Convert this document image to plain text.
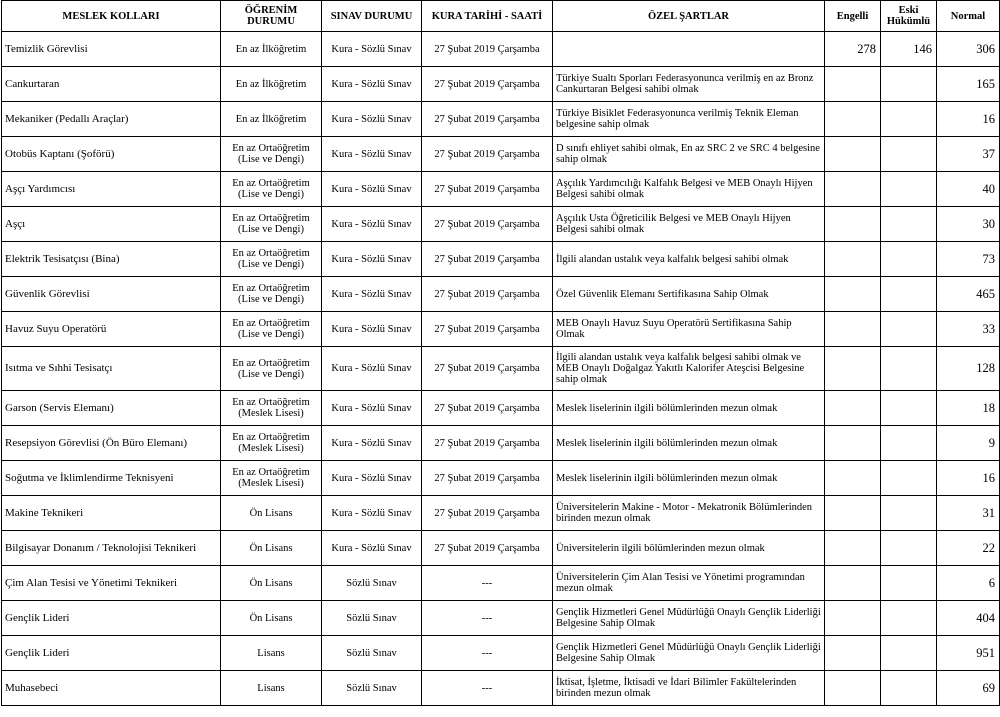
MESLEK KOLLARI	ÖĞRENİM DURUMU	SINAV DURUMU	KURA TARİHİ - SAATİ	ÖZEL ŞARTLAR	Engelli	Eski Hükümlü	Normal
Temizlik Görevlisi	En az İlköğretim	Kura - Sözlü Sınav	27 Şubat 2019 Çarşamba		278	146	306
Cankurtaran	En az İlköğretim	Kura - Sözlü Sınav	27 Şubat 2019 Çarşamba	Türkiye Sualtı Sporları Federasyonunca verilmiş en az Bronz Cankurtaran Belgesi sahibi olmak			165
Mekaniker (Pedallı Araçlar)	En az İlköğretim	Kura - Sözlü Sınav	27 Şubat 2019 Çarşamba	Türkiye Bisiklet Federasyonunca verilmiş Teknik Eleman belgesine sahip olmak			16
Otobüs Kaptanı (Şoförü)	En az Ortaöğretim (Lise ve Dengi)	Kura - Sözlü Sınav	27 Şubat 2019 Çarşamba	D sınıfı ehliyet sahibi olmak, En az SRC 2 ve SRC 4 belgesine sahip olmak			37
Aşçı Yardımcısı	En az Ortaöğretim (Lise ve Dengi)	Kura - Sözlü Sınav	27 Şubat 2019 Çarşamba	Aşçılık Yardımcılığı Kalfalık Belgesi ve MEB Onaylı Hijyen Belgesi sahibi olmak			40
Aşçı	En az Ortaöğretim (Lise ve Dengi)	Kura - Sözlü Sınav	27 Şubat 2019 Çarşamba	Aşçılık Usta Öğreticilik Belgesi ve MEB Onaylı Hijyen Belgesi sahibi olmak			30
Elektrik Tesisatçısı (Bina)	En az Ortaöğretim (Lise ve Dengi)	Kura - Sözlü Sınav	27 Şubat 2019 Çarşamba	İlgili alandan ustalık veya kalfalık belgesi sahibi olmak			73
Güvenlik Görevlisi	En az Ortaöğretim (Lise ve Dengi)	Kura - Sözlü Sınav	27 Şubat 2019 Çarşamba	Özel Güvenlik Elemanı Sertifikasına Sahip Olmak			465
Havuz Suyu Operatörü	En az Ortaöğretim (Lise ve Dengi)	Kura - Sözlü Sınav	27 Şubat 2019 Çarşamba	MEB Onaylı Havuz Suyu Operatörü Sertifikasına Sahip Olmak			33
Isıtma ve Sıhhi Tesisatçı	En az Ortaöğretim (Lise ve Dengi)	Kura - Sözlü Sınav	27 Şubat 2019 Çarşamba	İlgili alandan ustalık veya kalfalık belgesi sahibi olmak ve MEB Onaylı Doğalgaz Yakıtlı Kalorifer Ateşcisi Belgesine sahip olmak			128
Garson (Servis Elemanı)	En az Ortaöğretim (Meslek Lisesi)	Kura - Sözlü Sınav	27 Şubat 2019 Çarşamba	Meslek liselerinin ilgili bölümlerinden mezun olmak			18
Resepsiyon Görevlisi (Ön Büro Elemanı)	En az Ortaöğretim (Meslek Lisesi)	Kura - Sözlü Sınav	27 Şubat 2019 Çarşamba	Meslek liselerinin ilgili bölümlerinden mezun olmak			9
Soğutma ve İklimlendirme Teknisyeni	En az Ortaöğretim (Meslek Lisesi)	Kura - Sözlü Sınav	27 Şubat 2019 Çarşamba	Meslek liselerinin ilgili bölümlerinden mezun olmak			16
Makine Teknikeri	Ön Lisans	Kura - Sözlü Sınav	27 Şubat 2019 Çarşamba	Üniversitelerin Makine - Motor - Mekatronik Bölümlerinden birinden mezun olmak			31
Bilgisayar Donanım / Teknolojisi Teknikeri	Ön Lisans	Kura - Sözlü Sınav	27 Şubat 2019 Çarşamba	Üniversitelerin ilgili bölümlerinden mezun olmak			22
Çim Alan Tesisi ve Yönetimi Teknikeri	Ön Lisans	Sözlü Sınav	---	Üniversitelerin Çim Alan Tesisi ve Yönetimi programından mezun olmak			6
Gençlik Lideri	Ön Lisans	Sözlü Sınav	---	Gençlik Hizmetleri Genel Müdürlüğü Onaylı Gençlik Liderliği Belgesine Sahip Olmak			404
Gençlik Lideri	Lisans	Sözlü Sınav	---	Gençlik Hizmetleri Genel Müdürlüğü Onaylı Gençlik Liderliği Belgesine Sahip Olmak			951
Muhasebeci	Lisans	Sözlü Sınav	---	İktisat, İşletme, İktisadi ve İdari Bilimler Fakültelerinden birinden mezun olmak			69
